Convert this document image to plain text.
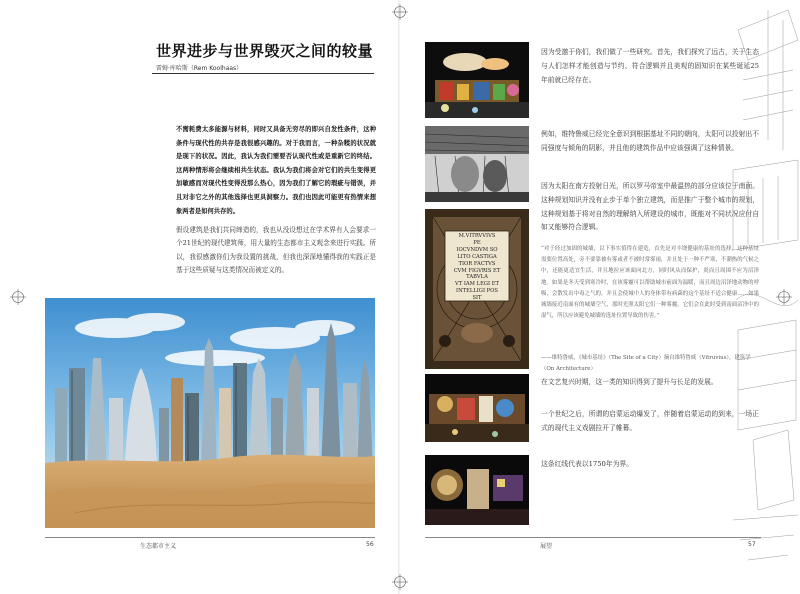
世界进步与世界毁灭之间的较量
雷姆·库哈斯（Rem Koolhaas）
不需耗费太多能源与材料，同时又具备无穷尽的即兴自发性条件，这种条件与现代性的共存是我很感兴趣的。对于我而言，一种杂糅的状况就是现下的状况。因此，我认为我们需要否认现代性或是重新它的终结。这两种情形将会继续相共生状态。我认为我们将会对它们的共生变得更加敏感而对现代性变得没那么热心，因为我们了解它的瑕疵与错误，并且对非它之外的其他选择也更具洞察力。我们也因此可能更有热情来想象两者是如何共存的。
假设建筑是我们共同缔造的，我也从没设想过在学术界有人会要求一个21世纪的现代建筑师，用大量的生态都市主义观念来进行实践。所以，我很感激你们为我设置的挑战，但我也深深地懂得我的实践正是基于这些质疑与这类情况而被定义的。
生态都市主义	56
M.VITRVVIVS
PE
IOCVNDVM SO
LITO CASTIGA
TIOR FACTVS
CVM FIGVRIS ET
TABVLA
VT IAM LEGI ET
INTELLIGI POS
SIT
因为受邀于你们，我们做了一些研究。首先，我们探究了远古，关于生态与人们怎样才能创造与节约、符合逻辑并且美观的固知识在某些诞延25年前就已经存在。
例如，维特鲁威已经完全意识到根据基址不同的朝向，太阳可以投射出不同强度与倾角的阴影，并且他的建筑作品中应该强调了这种情景。
因为太阳在南方投射日光，所以罗马帝室中最温热的部分应该位于南面。这种规划知识并没有止步于单个独立建筑，而是推广于整个城市的规划，这种规划基于将对自然的理解纳入所建设的城市，既能对不同状况应付自如又能够符合逻辑。
“对于经过加固的城墙，以下事实值得在建造，首先是对丰饶健康的基址的选择，这种基址需要位置高处，旁不要靠被有雾或者不被时常雾雨，并且处于一种不严寒，不潮热的气候之中，还能更适宜生活，并且地拉应该面向北方，同时风从而保护，炎而且周围不应为沼泽地。如果是冬天受到寒冷时，在该雾霾可以帮助城市前面为温暖，而且周边沼泽地动物的呼吸，会散发出中毒之气的，并且会使城中人的身体带有病菌的这个基址不适合健康……如果城墙接近南面有的城墙空气，那时光照太阳它们一种雾霾。它们会在此时受到南面沼泽中的湿气，所以应该避免城墙的选址位置导致的伤害。”
——维特鲁威，《城市基址》（The Site of a City）摘自维特鲁威（Vitruvius），建筑学（On Architecture）
在文艺复兴时期，这一类的知识得到了提升与长足的发展。
一个世纪之后，所谓的启蒙运动爆发了，伴随着启蒙运动的到来，一场正式的现代主义戏剧拉开了帷幕。
这条红线代表以1750年为界。
展望	57
